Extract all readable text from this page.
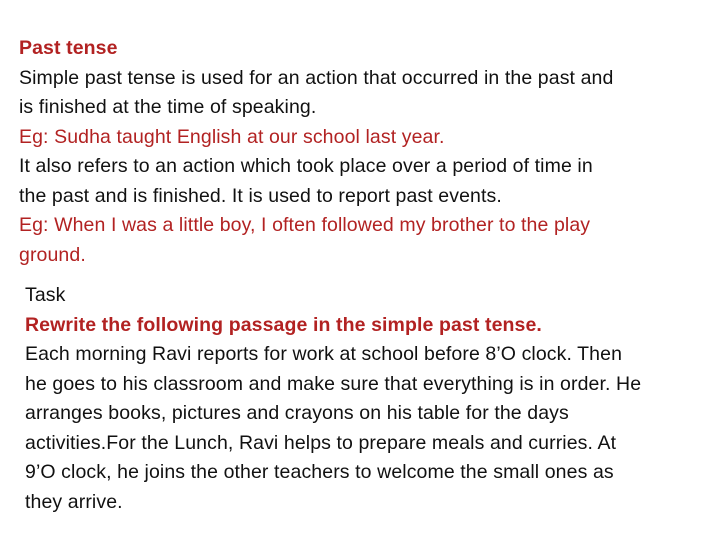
Past tense
Simple past tense is used for an action that occurred in the past and
is finished at the time of speaking.
Eg: Sudha taught English at our school last year.
It also refers to an action which took place over a period of time in
the past and is finished. It is used to report past events.
Eg: When I was a little boy, I often followed my brother to the play
ground.
Task
Rewrite the following passage in the simple past tense.
Each morning Ravi reports for work at school before 8’O clock. Then
he goes to his classroom and make sure that everything is in order. He
arranges books, pictures and crayons on his table for the days
activities.For the Lunch, Ravi helps to prepare meals and curries. At
9’O clock, he joins the other teachers to welcome the small ones as
they arrive.
